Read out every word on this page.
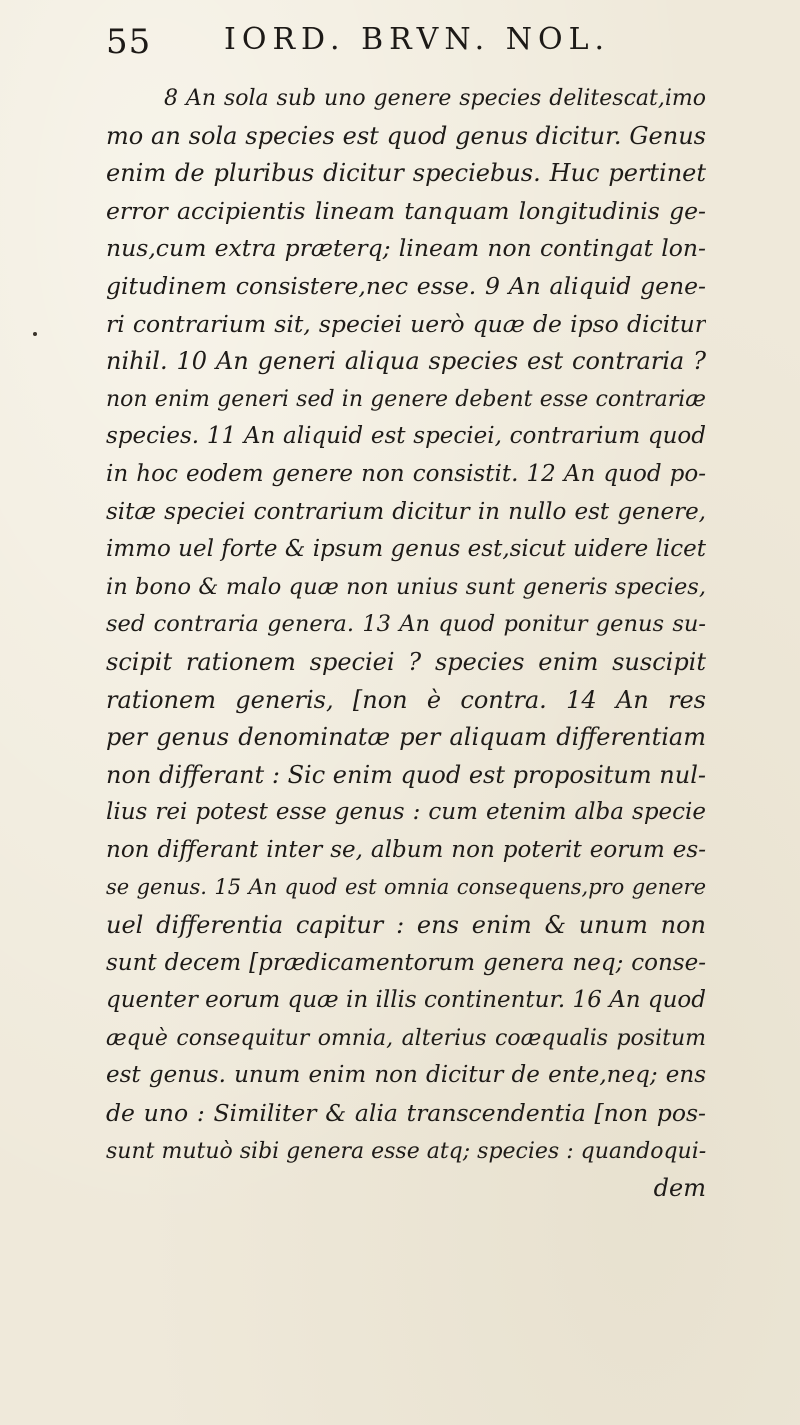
55 IORD. BRVN. NOL.
8 An sola sub uno genere species delitescat,imo
mo an sola species est quod genus dicitur. Genus
enim de pluribus dicitur speciebus. Huc pertinet
error accipientis lineam tanquam longitudinis ge-
nus,cum extra præterq; lineam non contingat lon-
gitudinem consistere,nec esse. 9 An aliquid gene-
ri contrarium sit, speciei uerò quæ de ipso dicitur
nihil. 10 An generi aliqua species est contraria ?
non enim generi sed in genere debent esse contrariæ
species. 11 An aliquid est speciei, contrarium quod
in hoc eodem genere non consistit. 12 An quod po-
sitæ speciei contrarium dicitur in nullo est genere,
immo uel forte & ipsum genus est,sicut uidere licet
in bono & malo quæ non unius sunt generis species,
sed contraria genera. 13 An quod ponitur genus su-
scipit rationem speciei ? species enim suscipit
rationem generis, [non è contra. 14 An res
per genus denominatæ per aliquam differentiam
non differant : Sic enim quod est propositum nul-
lius rei potest esse genus : cum etenim alba specie
non differant inter se, album non poterit eorum es-
se genus. 15 An quod est omnia consequens,pro genere
uel differentia capitur : ens enim & unum non
sunt decem [prædicamentorum genera neq; conse-
quenter eorum quæ in illis continentur. 16 An quod
æquè consequitur omnia, alterius coæqualis positum
est genus. unum enim non dicitur de ente,neq; ens
de uno : Similiter & alia transcendentia [non pos-
sunt mutuò sibi genera esse atq; species : quandoqui-
dem
